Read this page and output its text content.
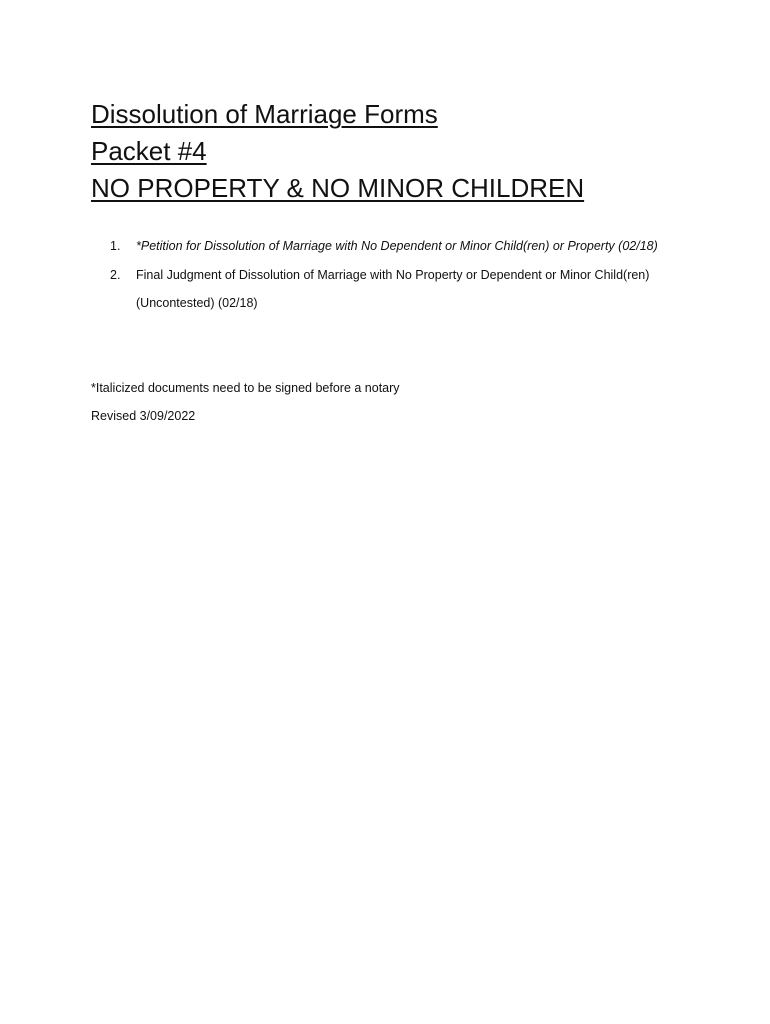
Dissolution of Marriage Forms
Packet #4
NO PROPERTY & NO MINOR CHILDREN
1. *Petition for Dissolution of Marriage with No Dependent or Minor Child(ren) or Property (02/18)
2. Final Judgment of Dissolution of Marriage with No Property or Dependent or Minor Child(ren) (Uncontested) (02/18)
*Italicized documents need to be signed before a notary
Revised 3/09/2022
